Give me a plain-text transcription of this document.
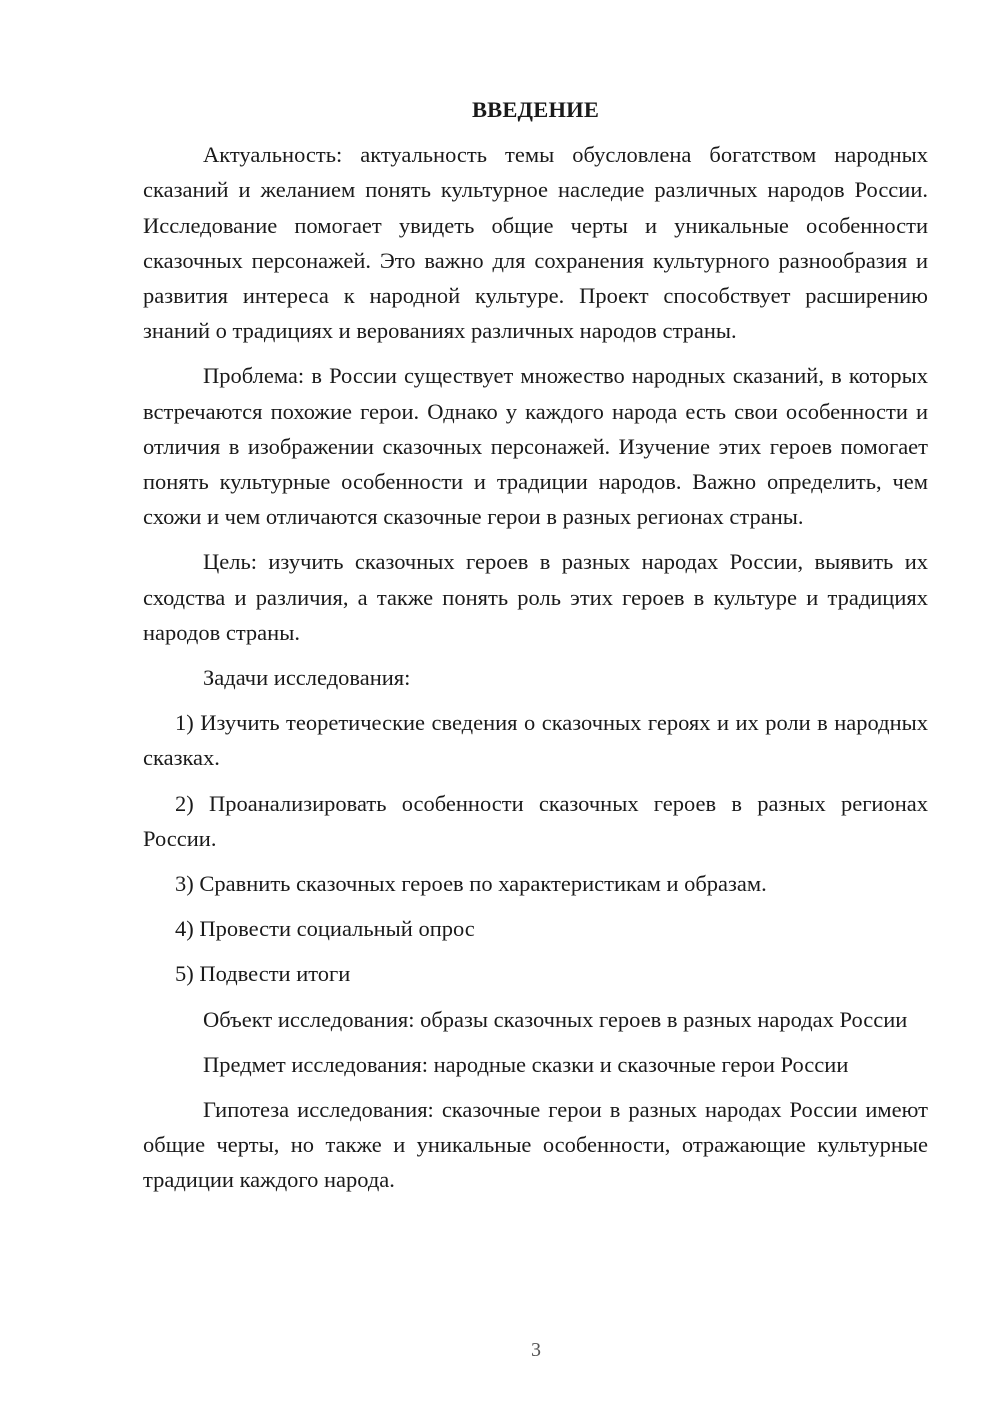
ВВЕДЕНИЕ

Актуальность: актуальность темы обусловлена богатством народных сказаний и желанием понять культурное наследие различных народов России. Исследование помогает увидеть общие черты и уникальные особенности сказочных персонажей. Это важно для сохранения культурного разнообразия и развития интереса к народной культуре. Проект способствует расширению знаний о традициях и верованиях различных народов страны.

Проблема: в России существует множество народных сказаний, в которых встречаются похожие герои. Однако у каждого народа есть свои особенности и отличия в изображении сказочных персонажей. Изучение этих героев помогает понять культурные особенности и традиции народов. Важно определить, чем схожи и чем отличаются сказочные герои в разных регионах страны.

Цель: изучить сказочных героев в разных народах России, выявить их сходства и различия, а также понять роль этих героев в культуре и традициях народов страны.

Задачи исследования:

1) Изучить теоретические сведения о сказочных героях и их роли в народных сказках.

2) Проанализировать особенности сказочных героев в разных регионах России.

3) Сравнить сказочных героев по характеристикам и образам.

4) Провести социальный опрос

5) Подвести итоги

Объект исследования: образы сказочных героев в разных народах России

Предмет исследования: народные сказки и сказочные герои России

Гипотеза исследования: сказочные герои в разных народах России имеют общие черты, но также и уникальные особенности, отражающие культурные традиции каждого народа.

3
